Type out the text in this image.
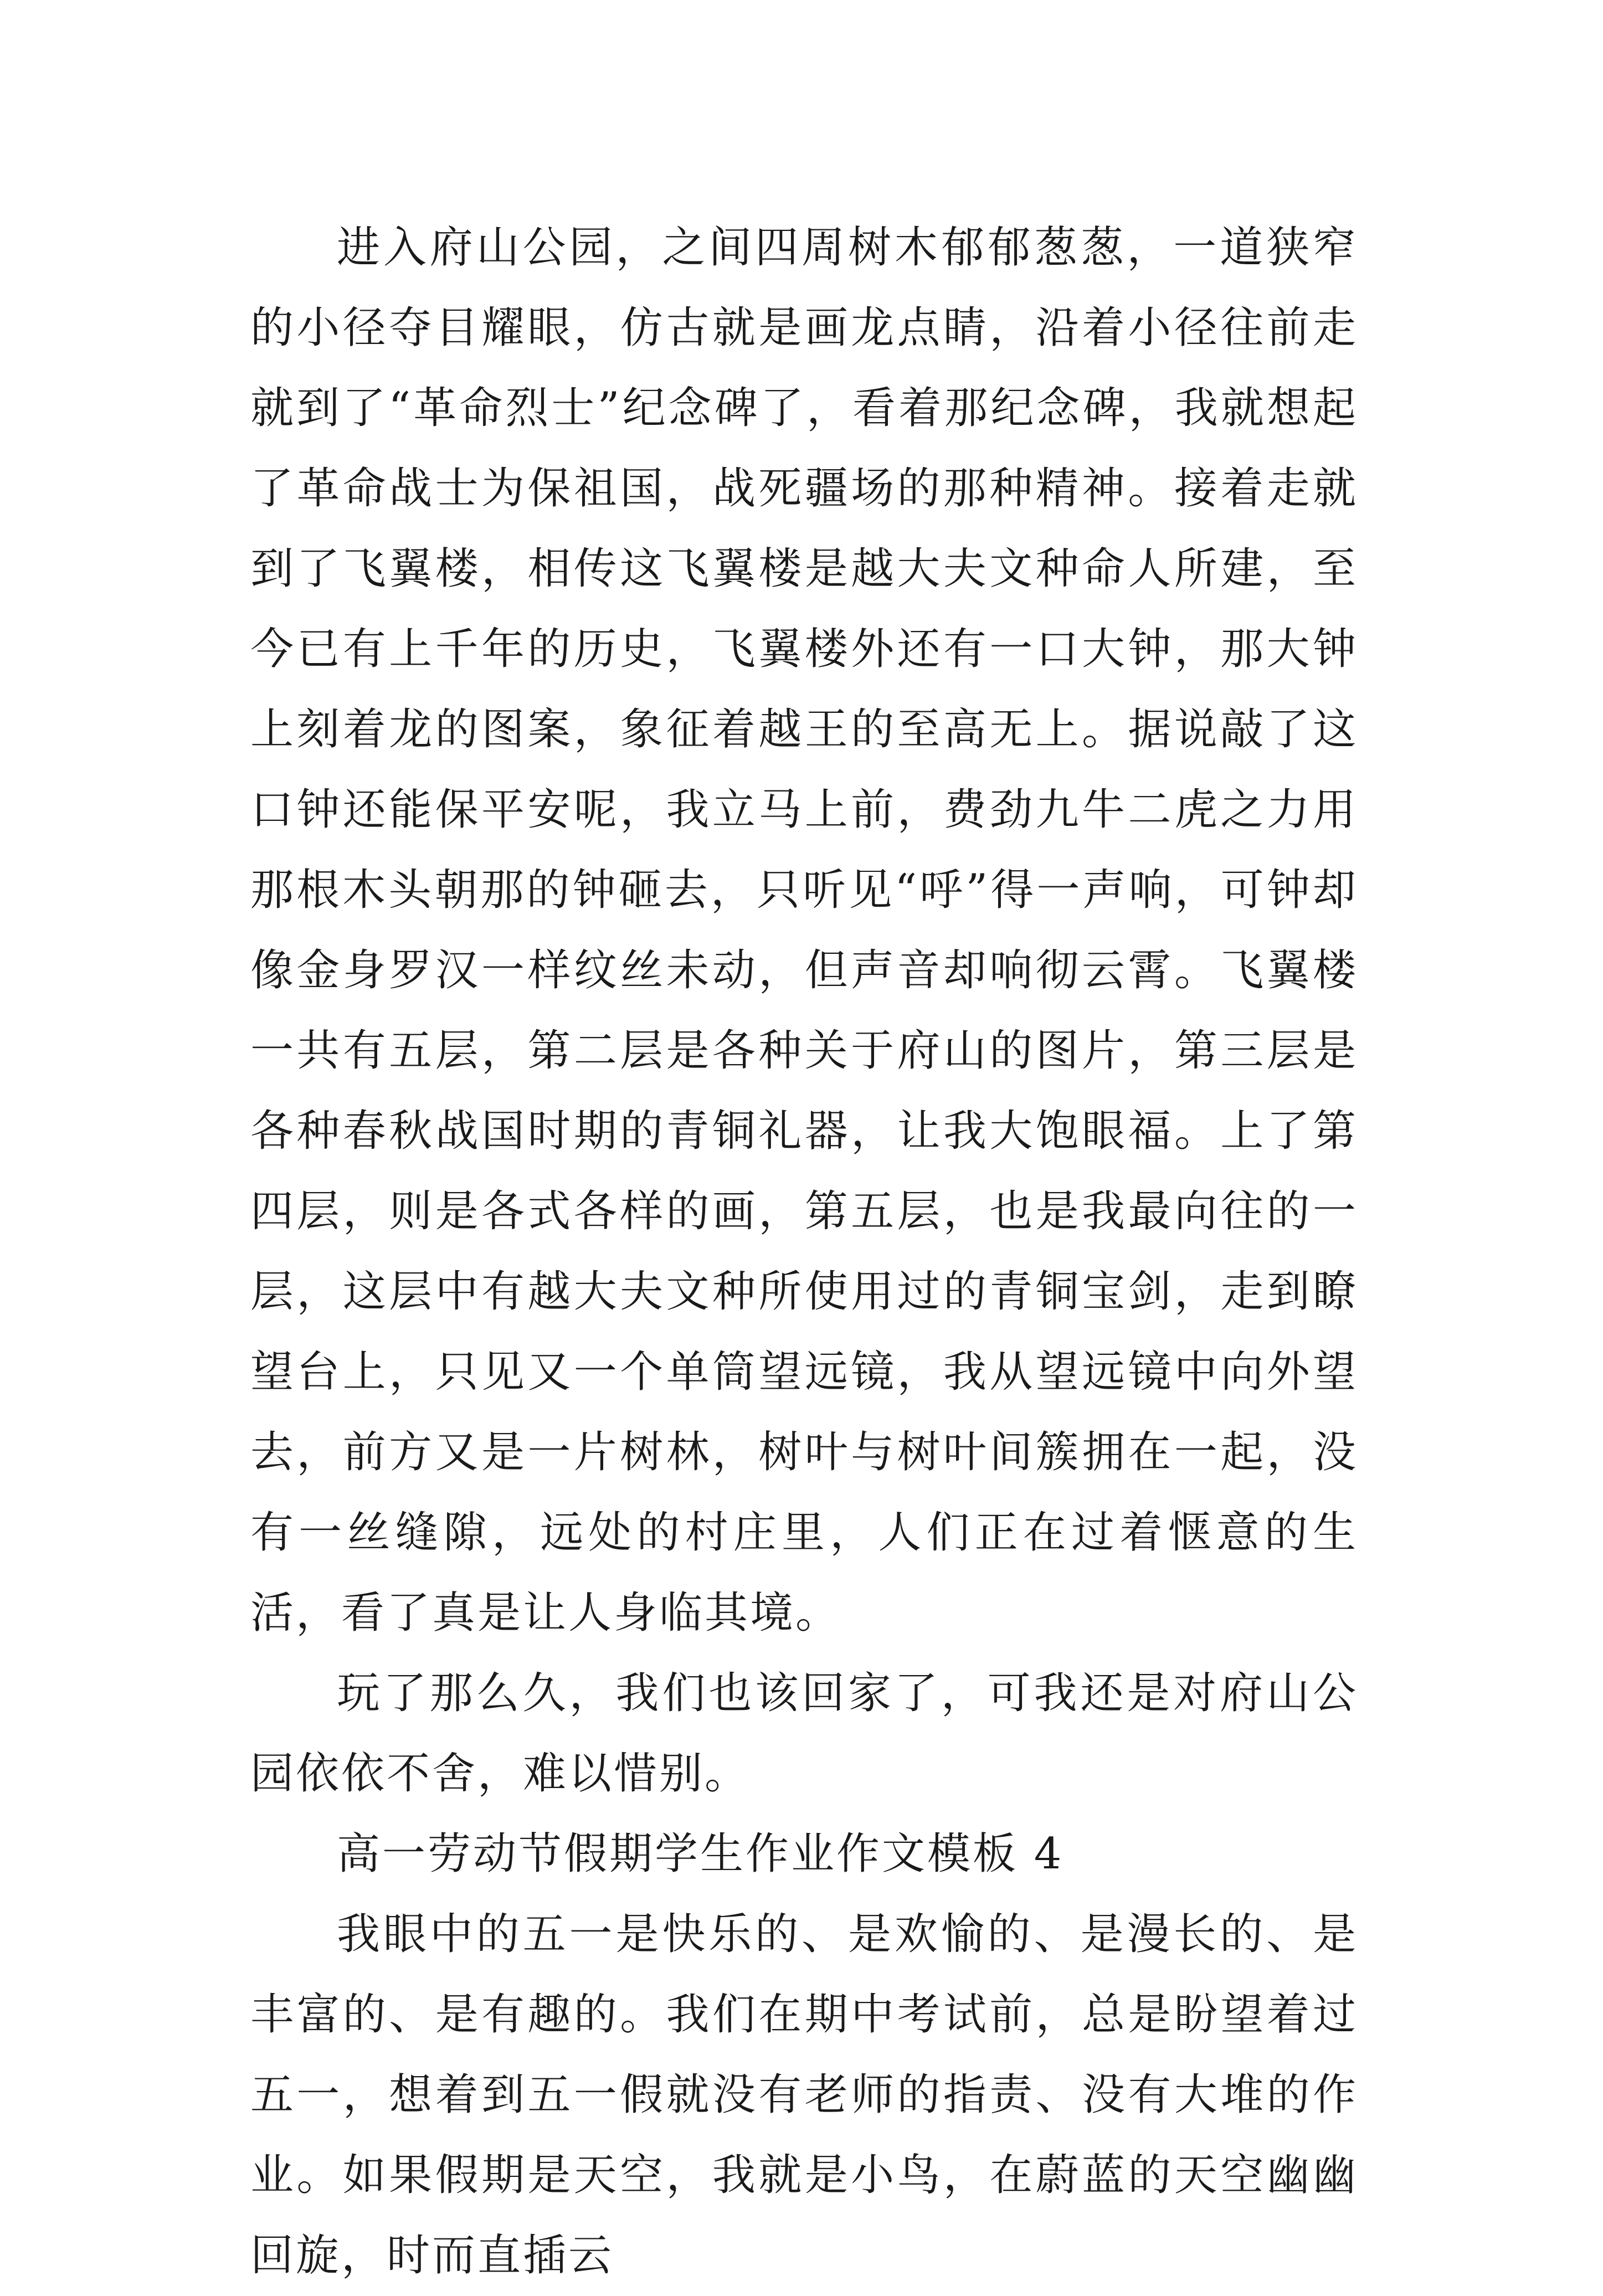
进入府山公园，之间四周树木郁郁葱葱，一道狭窄的小径夺目耀眼，仿古就是画龙点睛，沿着小径往前走就到了“革命烈士”纪念碑了，看着那纪念碑，我就想起了革命战士为保祖国，战死疆场的那种精神。接着走就到了飞翼楼，相传这飞翼楼是越大夫文种命人所建，至今已有上千年的历史，飞翼楼外还有一口大钟，那大钟上刻着龙的图案，象征着越王的至高无上。据说敲了这口钟还能保平安呢，我立马上前，费劲九牛二虎之力用那根木头朝那的钟砸去，只听见“呼”得一声响，可钟却像金身罗汉一样纹丝未动，但声音却响彻云霄。飞翼楼一共有五层，第二层是各种关于府山的图片，第三层是各种春秋战国时期的青铜礼器，让我大饱眼福。上了第四层，则是各式各样的画，第五层，也是我最向往的一层，这层中有越大夫文种所使用过的青铜宝剑，走到瞭望台上，只见又一个单筒望远镜，我从望远镜中向外望去，前方又是一片树林，树叶与树叶间簇拥在一起，没有一丝缝隙，远处的村庄里，人们正在过着惬意的生活，看了真是让人身临其境。

玩了那么久，我们也该回家了，可我还是对府山公园依依不舍，难以惜别。

高一劳动节假期学生作业作文模板 4

我眼中的五一是快乐的、是欢愉的、是漫长的、是丰富的、是有趣的。我们在期中考试前，总是盼望着过五一，想着到五一假就没有老师的指责、没有大堆的作业。如果假期是天空，我就是小鸟，在蔚蓝的天空幽幽回旋，时而直插云
